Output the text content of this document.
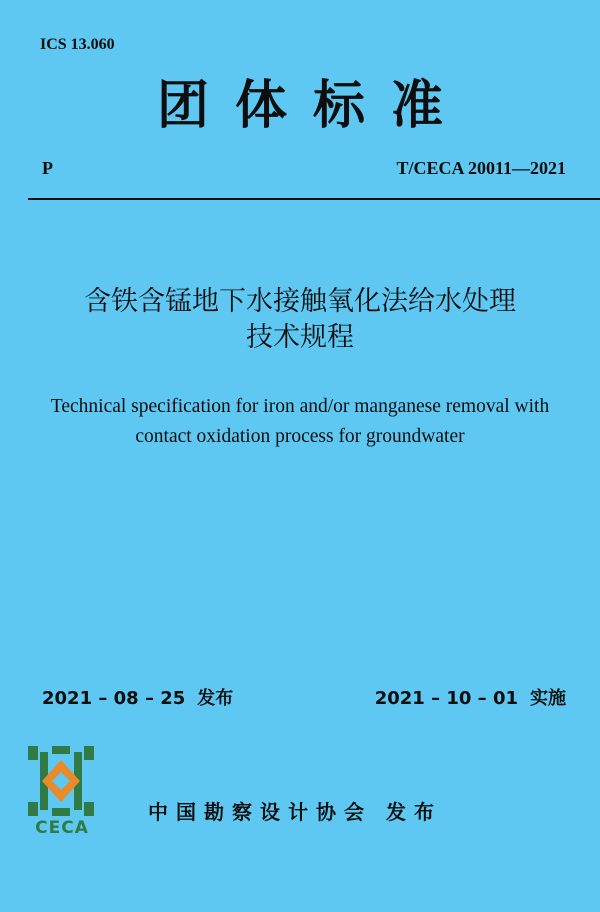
ICS 13.060
团体标准
P	T/CECA 20011—2021
含铁含锰地下水接触氧化法给水处理
技术规程
Technical specification for iron and/or manganese removal with
contact oxidation process for groundwater
2021 – 08 – 25 发布	2021 – 10 – 01 实施
CECA
中国勘察设计协会 发布
